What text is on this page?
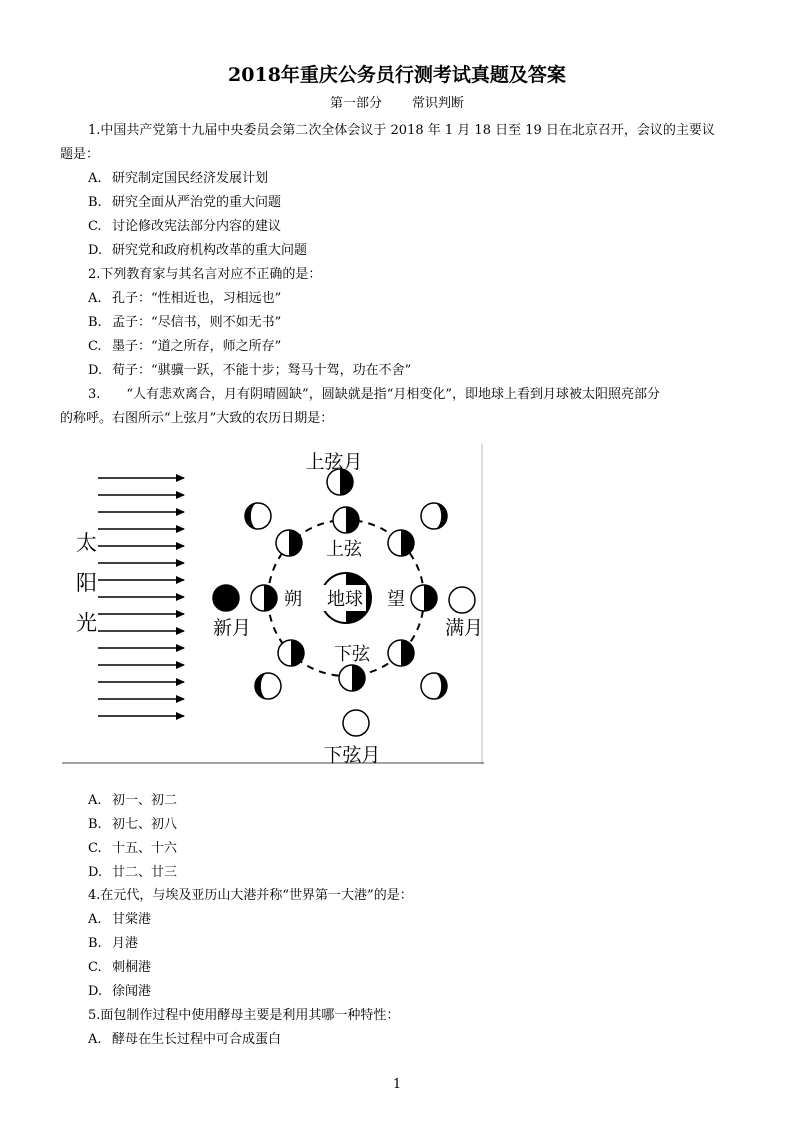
2018年重庆公务员行测考试真题及答案
第一部分 常识判断
1.中国共产党第十九届中央委员会第二次全体会议于 2018 年 1 月 18 日至 19 日在北京召开，会议的主要议
题是：
A. 研究制定国民经济发展计划
B. 研究全面从严治党的重大问题
C. 讨论修改宪法部分内容的建议
D. 研究党和政府机构改革的重大问题
2.下列教育家与其名言对应不正确的是：
A. 孔子：“性相近也，习相远也”
B. 孟子：“尽信书，则不如无书”
C. 墨子：“道之所存，师之所存”
D. 荀子：“骐骥一跃，不能十步；驽马十驾，功在不舍”
3.　　“人有悲欢离合，月有阴晴圆缺”，圆缺就是指“月相变化”，即地球上看到月球被太阳照亮部分
的称呼。右图所示“上弦月”大致的农历日期是：
太
阳
光
地球
上弦月
下弦月
新月	满月
上弦
下弦
朔	望
A. 初一、初二
B. 初七、初八
C. 十五、十六
D. 廿二、廿三
4.在元代，与埃及亚历山大港并称“世界第一大港”的是：
A. 甘棠港
B. 月港
C. 刺桐港
D. 徐闻港
5.面包制作过程中使用酵母主要是利用其哪一种特性：
A. 酵母在生长过程中可合成蛋白
1
